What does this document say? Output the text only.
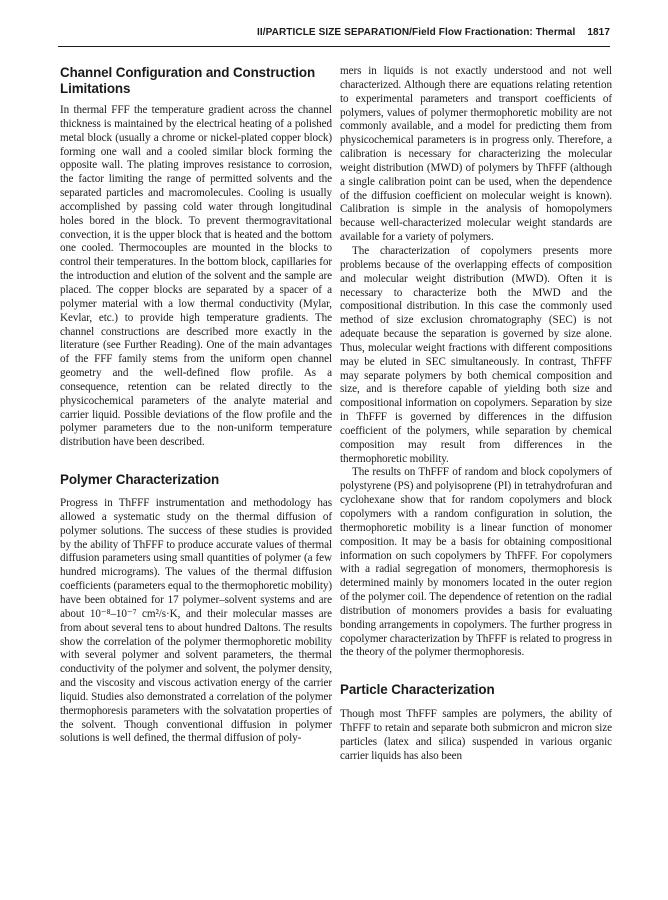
II/PARTICLE SIZE SEPARATION/Field Flow Fractionation: Thermal 1817
Channel Configuration and Construction Limitations

In thermal FFF the temperature gradient across the channel thickness is maintained by the electrical heating of a polished metal block (usually a chrome or nickel-plated copper block) forming one wall and a cooled similar block forming the opposite wall. The plating improves resistance to corrosion, the factor limiting the range of permitted solvents and the separated particles and macromolecules. Cooling is usually accomplished by passing cold water through longitudinal holes bored in the block. To prevent thermogravitational convection, it is the upper block that is heated and the bottom one cooled. Thermocouples are mounted in the blocks to control their temperatures. In the bottom block, capillaries for the introduction and elution of the solvent and the sample are placed. The copper blocks are separated by a spacer of a polymer material with a low thermal conductivity (Mylar, Kevlar, etc.) to provide high temperature gradients. The channel constructions are described more exactly in the literature (see Further Reading). One of the main advantages of the FFF family stems from the uniform open channel geometry and the well-defined flow profile. As a consequence, retention can be related directly to the physicochemical parameters of the analyte material and carrier liquid. Possible deviations of the flow profile and the polymer parameters due to the non-uniform temperature distribution have been described.

Polymer Characterization

Progress in ThFFF instrumentation and methodology has allowed a systematic study on the thermal diffusion of polymer solutions. The success of these studies is provided by the ability of ThFFF to produce accurate values of thermal diffusion parameters using small quantities of polymer (a few hundred micrograms). The values of the thermal diffusion coefficients (parameters equal to the thermophoretic mobility) have been obtained for 17 polymer–solvent systems and are about 10⁻⁸–10⁻⁷ cm²/s·K, and their molecular masses are from about several tens to about hundred Daltons. The results show the correlation of the polymer thermophoretic mobility with several polymer and solvent parameters, the thermal conductivity of the polymer and solvent, the polymer density, and the viscosity and viscous activation energy of the carrier liquid. Studies also demonstrated a correlation of the polymer thermophoresis parameters with the solvatation properties of the solvent. Though conventional diffusion in polymer solutions is well defined, the thermal diffusion of poly-

mers in liquids is not exactly understood and not well characterized. Although there are equations relating retention to experimental parameters and transport coefficients of polymers, values of polymer thermophoretic mobility are not commonly available, and a model for predicting them from physicochemical parameters is in progress only. Therefore, a calibration is necessary for characterizing the molecular weight distribution (MWD) of polymers by ThFFF (although a single calibration point can be used, when the dependence of the diffusion coefficient on molecular weight is known). Calibration is simple in the analysis of homopolymers because well-characterized molecular weight standards are available for a variety of polymers.

The characterization of copolymers presents more problems because of the overlapping effects of composition and molecular weight distribution (MWD). Often it is necessary to characterize both the MWD and the compositional distribution. In this case the commonly used method of size exclusion chromatography (SEC) is not adequate because the separation is governed by size alone. Thus, molecular weight fractions with different compositions may be eluted in SEC simultaneously. In contrast, ThFFF may separate polymers by both chemical composition and size, and is therefore capable of yielding both size and compositional information on copolymers. Separation by size in ThFFF is governed by differences in the diffusion coefficient of the polymers, while separation by chemical composition may result from differences in the thermophoretic mobility.

The results on ThFFF of random and block copolymers of polystyrene (PS) and polyisoprene (PI) in tetrahydrofuran and cyclohexane show that for random copolymers and block copolymers with a random configuration in solution, the thermophoretic mobility is a linear function of monomer composition. It may be a basis for obtaining compositional information on such copolymers by ThFFF. For copolymers with a radial segregation of monomers, thermophoresis is determined mainly by monomers located in the outer region of the polymer coil. The dependence of retention on the radial distribution of monomers provides a basis for evaluating bonding arrangements in copolymers. The further progress in copolymer characterization by ThFFF is related to progress in the theory of the polymer thermophoresis.

Particle Characterization

Though most ThFFF samples are polymers, the ability of ThFFF to retain and separate both submicron and micron size particles (latex and silica) suspended in various organic carrier liquids has also been
